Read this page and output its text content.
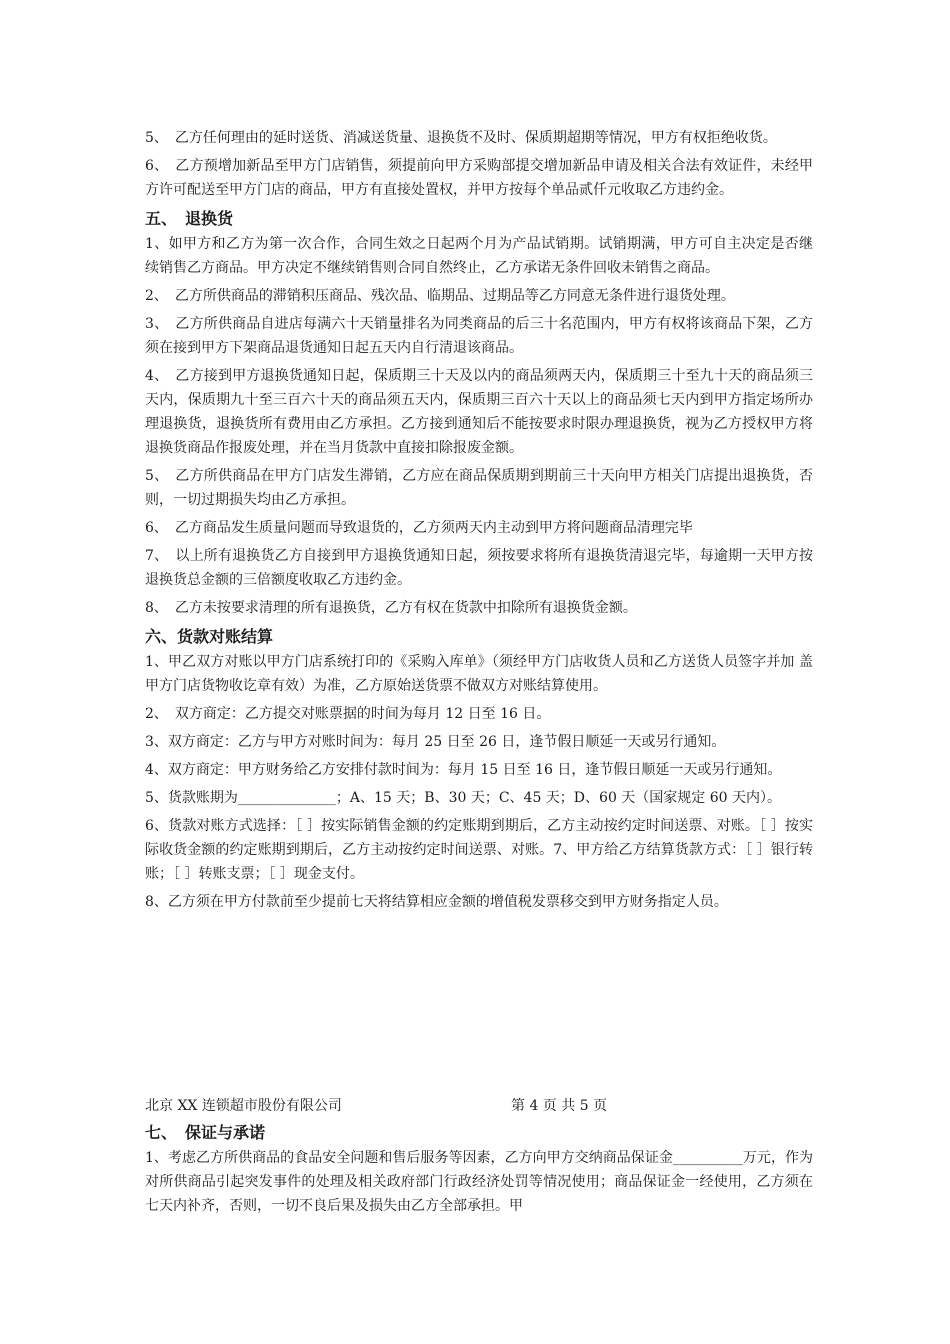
5、　乙方任何理由的延时送货、消减送货量、退换货不及时、保质期超期等情况，甲方有权拒绝收货。

6、　乙方预增加新品至甲方门店销售，须提前向甲方采购部提交增加新品申请及相关合法有效证件，未经甲 方许可配送至甲方门店的商品，甲方有直接处置权，并甲方按每个单品贰仟元收取乙方违约金。

五、　退换货

1、如甲方和乙方为第一次合作，合同生效之日起两个月为产品试销期。试销期满，甲方可自主决定是否继 续销售乙方商品。甲方决定不继续销售则合同自然终止，乙方承诺无条件回收未销售之商品。

2、　乙方所供商品的滞销积压商品、残次品、临期品、过期品等乙方同意无条件进行退货处理。

3、　乙方所供商品自进店每满六十天销量排名为同类商品的后三十名范围内，甲方有权将该商品下架，乙方 须在接到甲方下架商品退货通知日起五天内自行清退该商品。

4、　乙方接到甲方退换货通知日起，保质期三十天及以内的商品须两天内，保质期三十至九十天的商品须三 天内，保质期九十至三百六十天的商品须五天内，保质期三百六十天以上的商品须七天内到甲方指定场所办理退换货，退换货所有费用由乙方承担。乙方接到通知后不能按要求时限办理退换货，视为乙方授权甲方将退换货商品作报废处理，并在当月货款中直接扣除报废金额。

5、　乙方所供商品在甲方门店发生滞销，乙方应在商品保质期到期前三十天向甲方相关门店提出退换货，否 则，一切过期损失均由乙方承担。

6、　乙方商品发生质量问题而导致退货的，乙方须两天内主动到甲方将问题商品清理完毕

7、　以上所有退换货乙方自接到甲方退换货通知日起，须按要求将所有退换货清退完毕，每逾期一天甲方按 退换货总金额的三倍额度收取乙方违约金。

8、　乙方未按要求清理的所有退换货，乙方有权在货款中扣除所有退换货金额。

六、货款对账结算

1、甲乙双方对账以甲方门店系统打印的《采购入库单》（须经甲方门店收货人员和乙方送货人员签字并加 盖甲方门店货物收讫章有效）为准，乙方原始送货票不做双方对账结算使用。

2、　双方商定：乙方提交对账票据的时间为每月 12 日至 16 日。

3、双方商定：乙方与甲方对账时间为：每月 25 日至 26 日，逢节假日顺延一天或另行通知。

4、双方商定：甲方财务给乙方安排付款时间为：每月 15 日至 16 日，逢节假日顺延一天或另行通知。

5、货款账期为______________；A、15 天；B、30 天；C、45 天；D、60 天（国家规定 60 天内）。

6、货款对账方式选择：［ ］按实际销售金额的约定账期到期后，乙方主动按约定时间送票、对账。［ ］按实际收货金额的约定账期到期后，乙方主动按约定时间送票、对账。7、甲方给乙方结算货款方式：［ ］银行转账；［ ］转账支票；［ ］现金支付。

8、乙方须在甲方付款前至少提前七天将结算相应金额的增值税发票移交到甲方财务指定人员。

北京 XX 连锁超市股份有限公司	第 4 页 共 5 页
七、　保证与承诺

1、考虑乙方所供商品的食品安全问题和售后服务等因素，乙方向甲方交纳商品保证金__________万元，作为 对所供商品引起突发事件的处理及相关政府部门行政经济处罚等情况使用；商品保证金一经使用，乙方须在七天内补齐，否则，一切不良后果及损失由乙方全部承担。甲
